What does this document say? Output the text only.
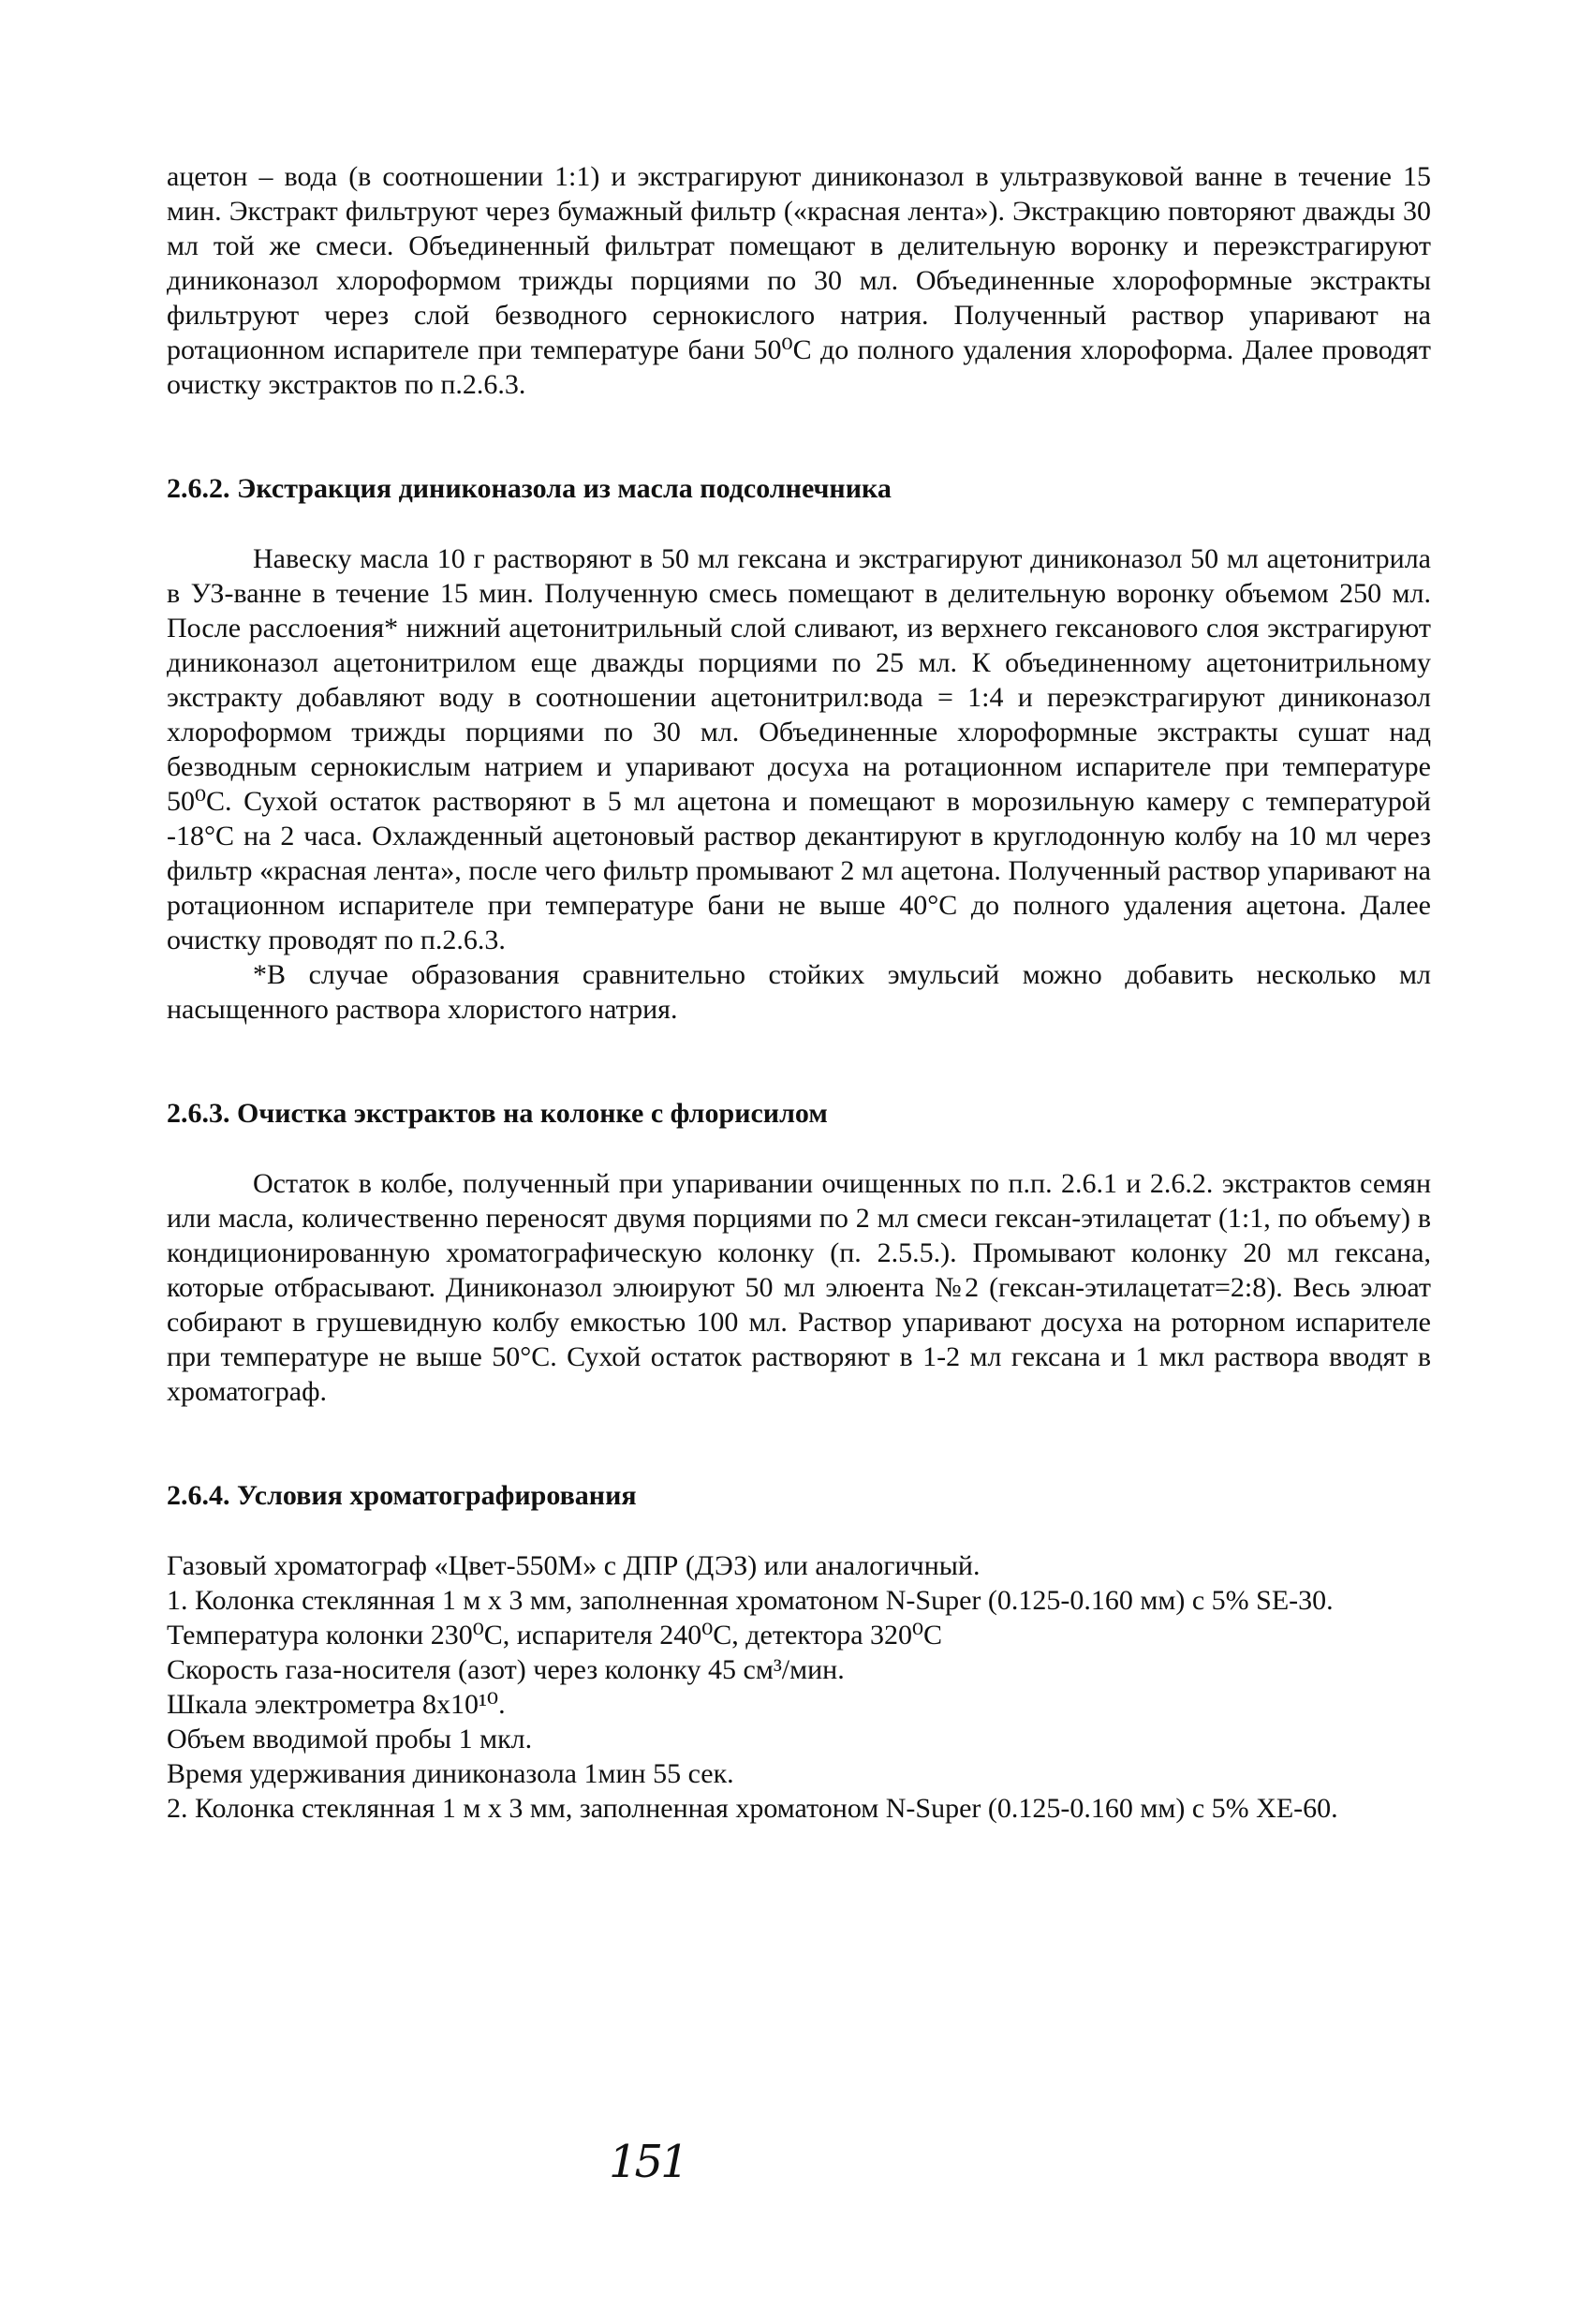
ацетон – вода (в соотношении 1:1) и экстрагируют диниконазол в ультразвуковой ванне в течение 15 мин. Экстракт фильтруют через бумажный фильтр («красная лента»). Экстракцию повторяют дважды 30 мл той же смеси. Объединенный фильтрат помещают в делительную воронку и переэкстрагируют диниконазол хлороформом трижды порциями по 30 мл. Объединенные хлороформные экстракты фильтруют через слой безводного сернокислого натрия. Полученный раствор упаривают на ротационном испарителе при температуре бани 50⁰С до полного удаления хлороформа. Далее проводят очистку экстрактов по п.2.6.3.

2.6.2. Экстракция диниконазола из масла подсолнечника

Навеску масла 10 г растворяют в 50 мл гексана и экстрагируют диниконазол 50 мл ацетонитрила в УЗ-ванне в течение 15 мин. Полученную смесь помещают в делительную воронку объемом 250 мл. После расслоения* нижний ацетонитрильный слой сливают, из верхнего гексанового слоя экстрагируют диниконазол ацетонитрилом еще дважды порциями по 25 мл. К объединенному ацетонитрильному экстракту добавляют воду в соотношении ацетонитрил:вода = 1:4 и переэкстрагируют диниконазол хлороформом трижды порциями по 30 мл. Объединенные хлороформные экстракты сушат над безводным сернокислым натрием и упаривают досуха на ротационном испарителе при температуре 50⁰С. Сухой остаток растворяют в 5 мл ацетона и помещают в морозильную камеру с температурой -18°С на 2 часа. Охлажденный ацетоновый раствор декантируют в круглодонную колбу на 10 мл через фильтр «красная лента», после чего фильтр промывают 2 мл ацетона. Полученный раствор упаривают на ротационном испарителе при температуре бани не выше 40°С до полного удаления ацетона. Далее очистку проводят по п.2.6.3.

*В случае образования сравнительно стойких эмульсий можно добавить несколько мл насыщенного раствора хлористого натрия.

2.6.3. Очистка экстрактов на колонке с флорисилом

Остаток в колбе, полученный при упаривании очищенных по п.п. 2.6.1 и 2.6.2. экстрактов семян или масла, количественно переносят двумя порциями по 2 мл смеси гексан-этилацетат (1:1, по объему) в кондиционированную хроматографическую колонку (п. 2.5.5.). Промывают колонку 20 мл гексана, которые отбрасывают. Диниконазол элюируют 50 мл элюента №2 (гексан-этилацетат=2:8). Весь элюат собирают в грушевидную колбу емкостью 100 мл. Раствор упаривают досуха на роторном испарителе при температуре не выше 50°С. Сухой остаток растворяют в 1-2 мл гексана и 1 мкл раствора вводят в хроматограф.

2.6.4. Условия хроматографирования

Газовый хроматограф «Цвет-550М» с ДПР (ДЭЗ) или аналогичный.

1. Колонка стеклянная 1 м х 3 мм, заполненная хроматоном N-Super (0.125-0.160 мм) с 5% SE-30.

Температура колонки 230⁰С, испарителя 240⁰С, детектора 320⁰С

Скорость газа-носителя (азот) через колонку 45 см³/мин.

Шкала электрометра 8x10¹⁰.

Объем вводимой пробы 1 мкл.

Время удерживания диниконазола 1мин 55 сек.

2. Колонка стеклянная 1 м х 3 мм, заполненная хроматоном N-Super (0.125-0.160 мм) с 5% XE-60.

151
